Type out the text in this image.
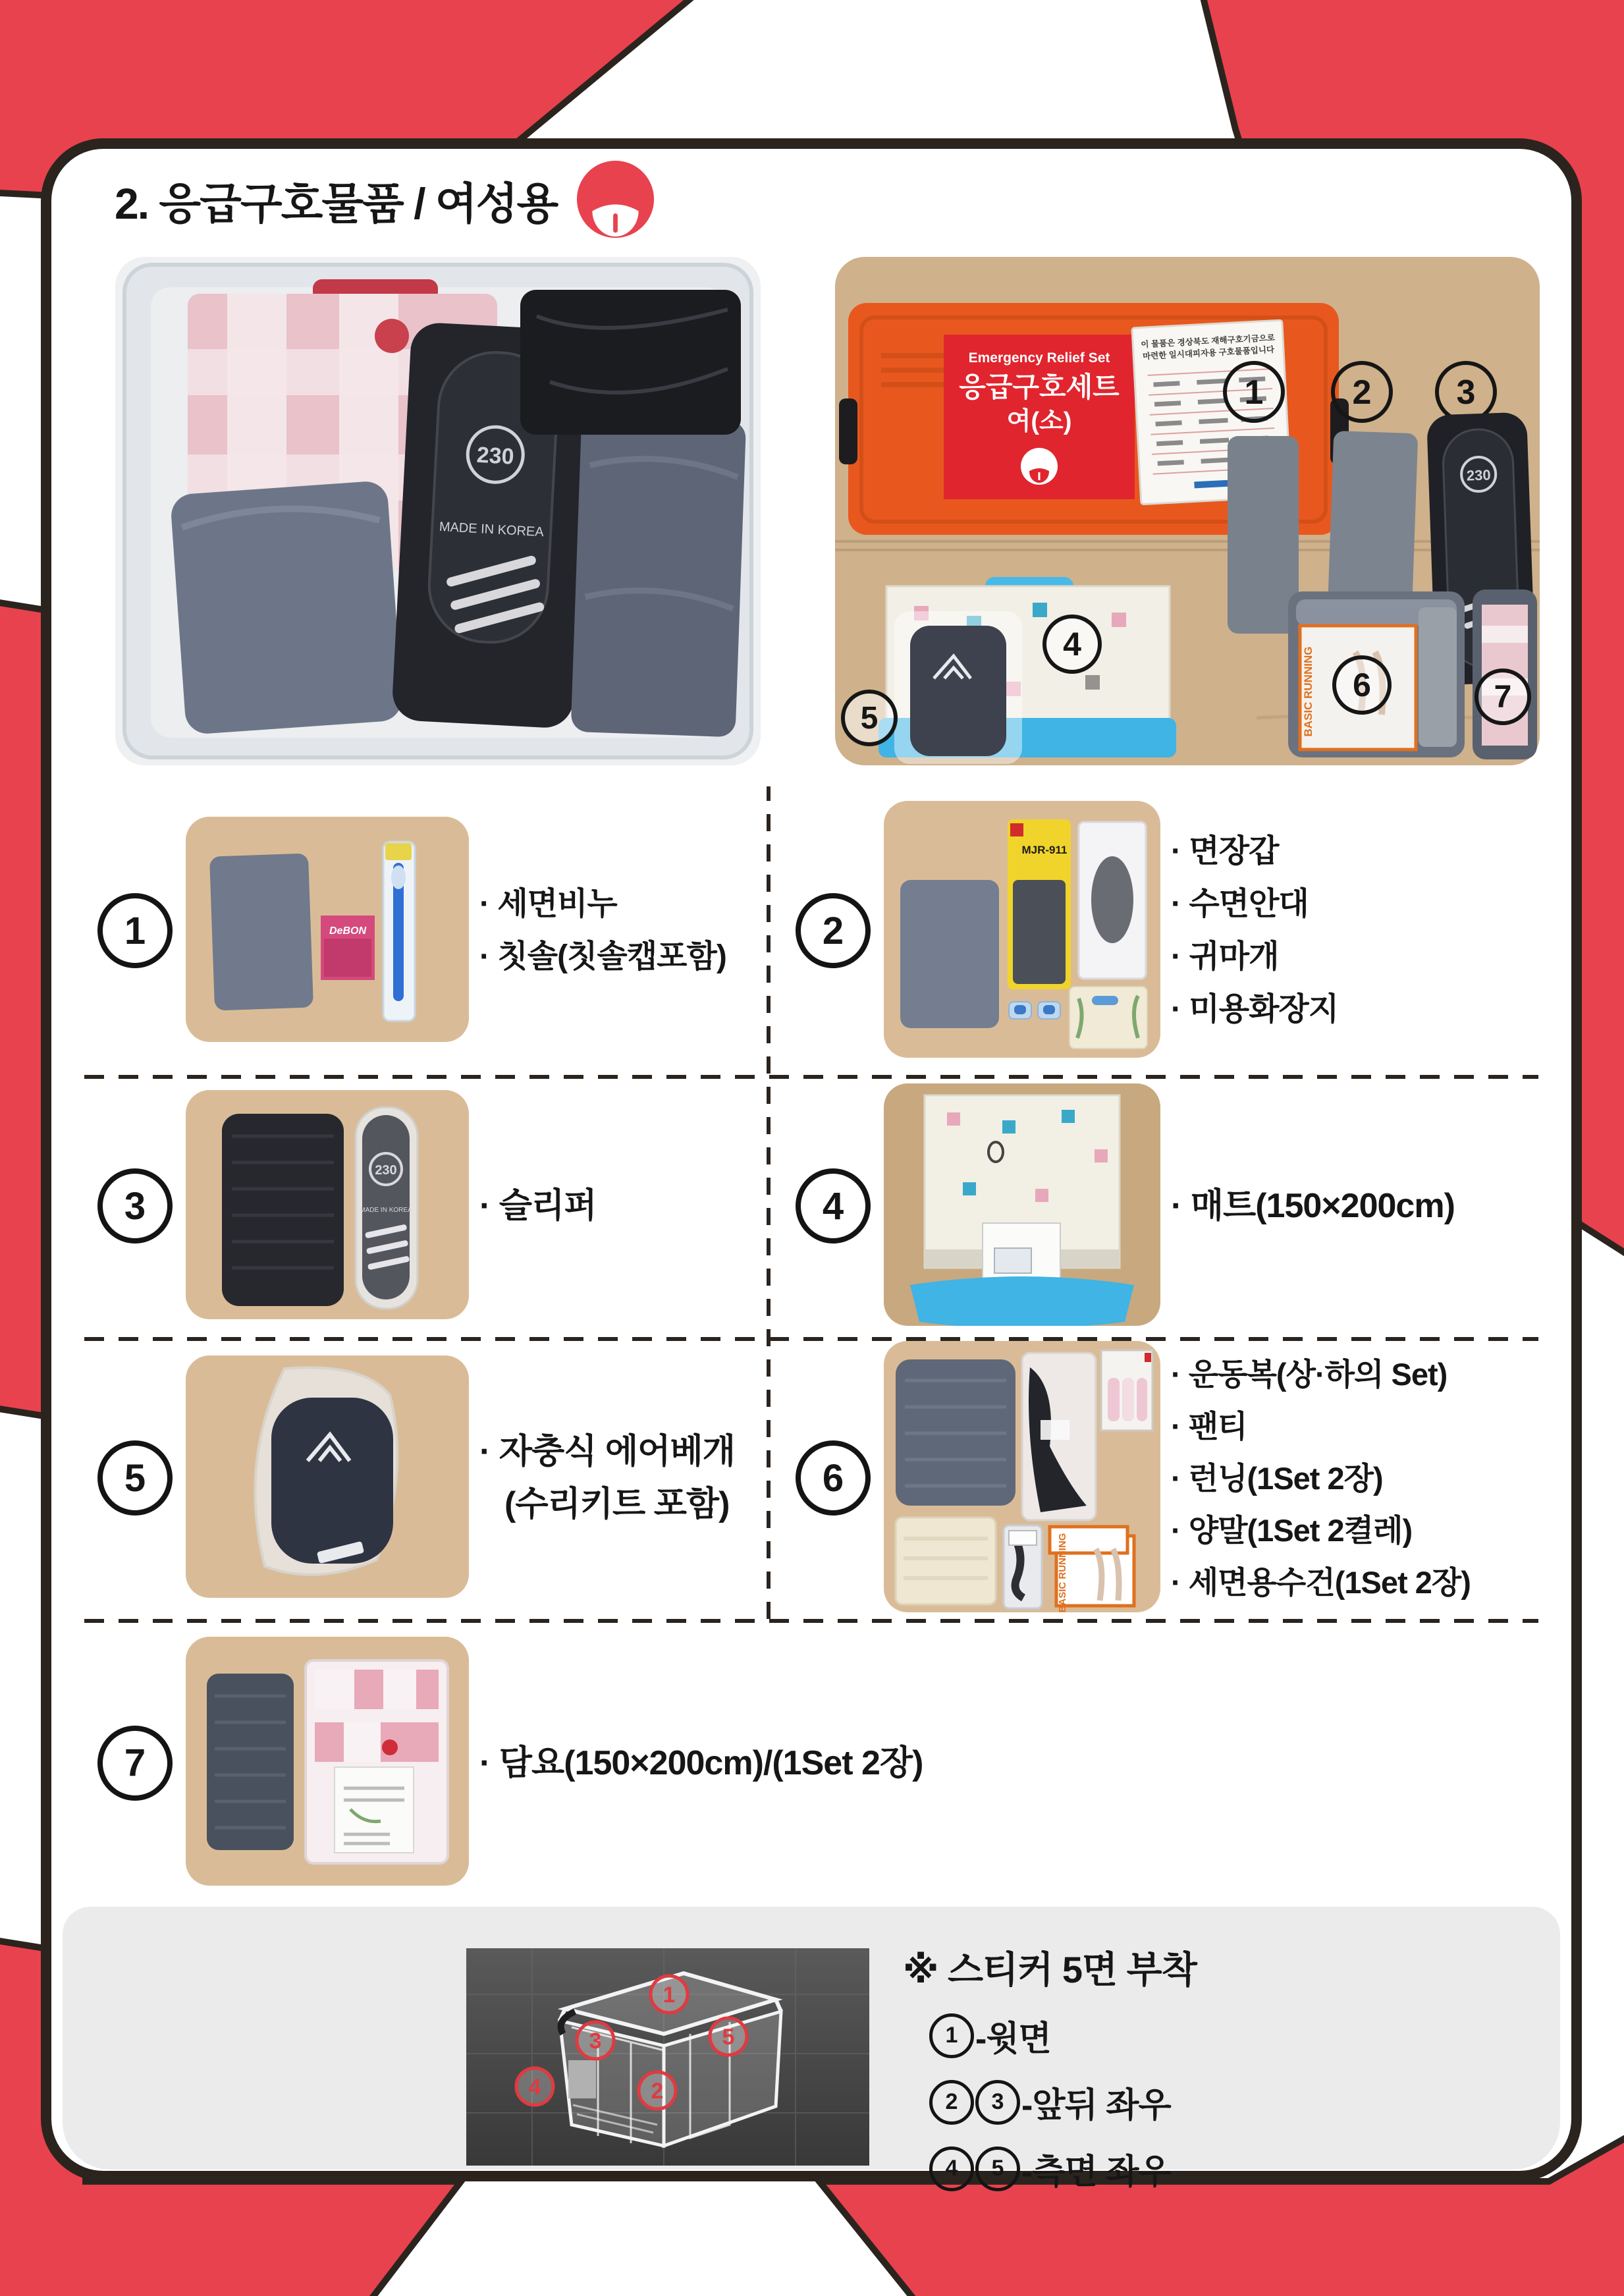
2. 응급구호물품 / 여성용
230
MADE IN KOREA
Emergency Relief Set
응급구호세트
여(소)
이 물품은 경상북도 재해구호기금으로
마련한 일시대피자용 구호물품입니다
1	2 3
230
4
5	BASIC RUNNING 6	7
1	DeBON
· 세면비누
· 칫솔(칫솔캡포함)
2
MJR-911	· 면장갑
· 수면안대
· 귀마개
· 미용화장지
3
230
MADE IN KOREA	· 슬리퍼	4	· 매트(150×200cm)
5
· 자충식 에어베개
(수리키트 포함)
6
BASIC RUNNING
· 운동복(상·하의 Set)
· 팬티
· 런닝(1Set 2장)
· 양말(1Set 2켤레)
· 세면용수건(1Set 2장)
7	· 담요(150×200cm)/(1Set 2장)
1
3	5
4	2
※ 스티커 5면 부착
1 -윗면
2	3 -앞뒤 좌우
4	5 -측면 좌우
